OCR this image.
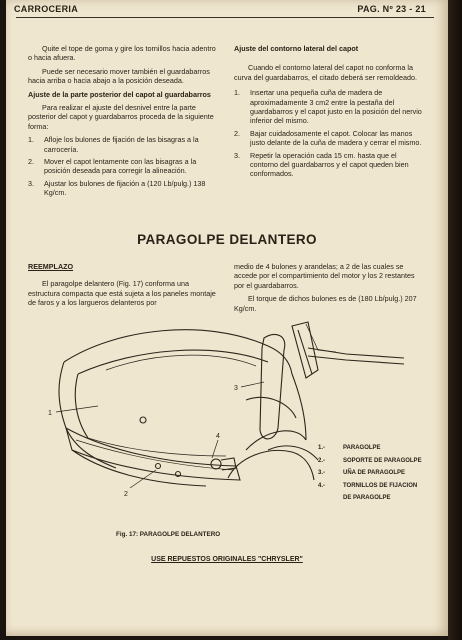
CARROCERIA	PAG. Nº 23 - 21

Quite el tope de goma y gire los tornillos hacia adentro o hacia afuera.

Puede ser necesario mover también el guardabarros hacia arriba o hacia abajo a la posición deseada.

Ajuste de la parte posterior del capot al guardabarros

Para realizar el ajuste del desnivel entre la parte posterior del capot y guardabarros proceda de la siguiente forma:

1. Afloje los bulones de fijación de las bisagras a la carrocería.
2. Mover el capot lentamente con las bisagras a la posición deseada para corregir la alineación.
3. Ajustar los bulones de fijación a (120 Lb/pulg.) 138 Kg/cm.

Ajuste del contorno lateral del capot

Cuando el contorno lateral del capot no conforma la curva del guardabarros, el citado deberá ser remoldeado.

1. Insertar una pequeña cuña de madera de aproximadamente 3 cm2 entre la pestaña del guardabarros y el capot justo en la posición del nervio inferior del mismo.
2. Bajar cuidadosamente el capot. Colocar las manos justo delante de la cuña de madera y cerrar el mismo.
3. Repetir la operación cada 15 cm. hasta que el contorno del guardabarros y el capot queden bien conformados.
PARAGOLPE DELANTERO

REEMPLAZO

El paragolpe delantero (Fig. 17) conforma una estructura compacta que está sujeta a los paneles montaje de faros y a los largueros delanteros por

medio de 4 bulones y arandelas; a 2 de las cuales se accede por el compartimiento del motor y los 2 restantes por el guardabarros.

El torque de dichos bulones es de (180 Lb/pulg.) 207 Kg/cm.

1
2
3
4
1.-	PARAGOLPE
2.-	SOPORTE DE PARAGOLPE
3.-	UÑA DE PARAGOLPE
4.-	TORNILLOS DE FIJACION
DE PARAGOLPE
Fig. 17: PARAGOLPE DELANTERO
USE REPUESTOS ORIGINALES "CHRYSLER"
